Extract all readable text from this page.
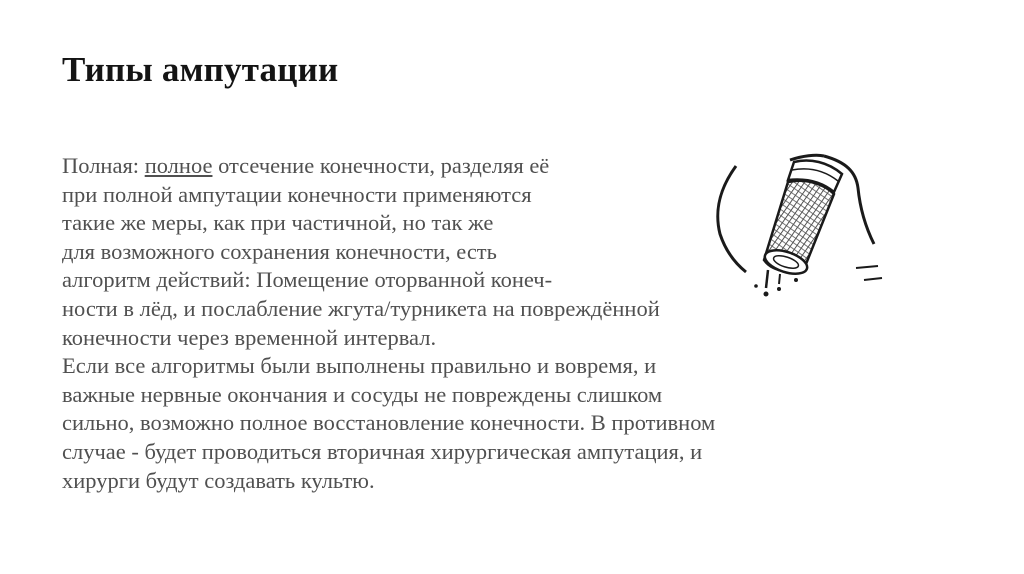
Типы ампутации
Полная: полное отсечение конечности, разделяя её
при полной ампутации конечности применяются
такие же меры, как при частичной, но так же
для возможного сохранения конечности, есть
алгоритм действий: Помещение оторванной конеч-
ности в лёд, и послабление жгута/турникета на повреждённой
конечности через временной интервал.
Если все алгоритмы были выполнены правильно и вовремя, и
важные нервные окончания и сосуды не повреждены слишком
сильно, возможно полное восстановление конечности. В противном
случае - будет проводиться вторичная хирургическая ампутация, и
хирурги будут создавать культю.
